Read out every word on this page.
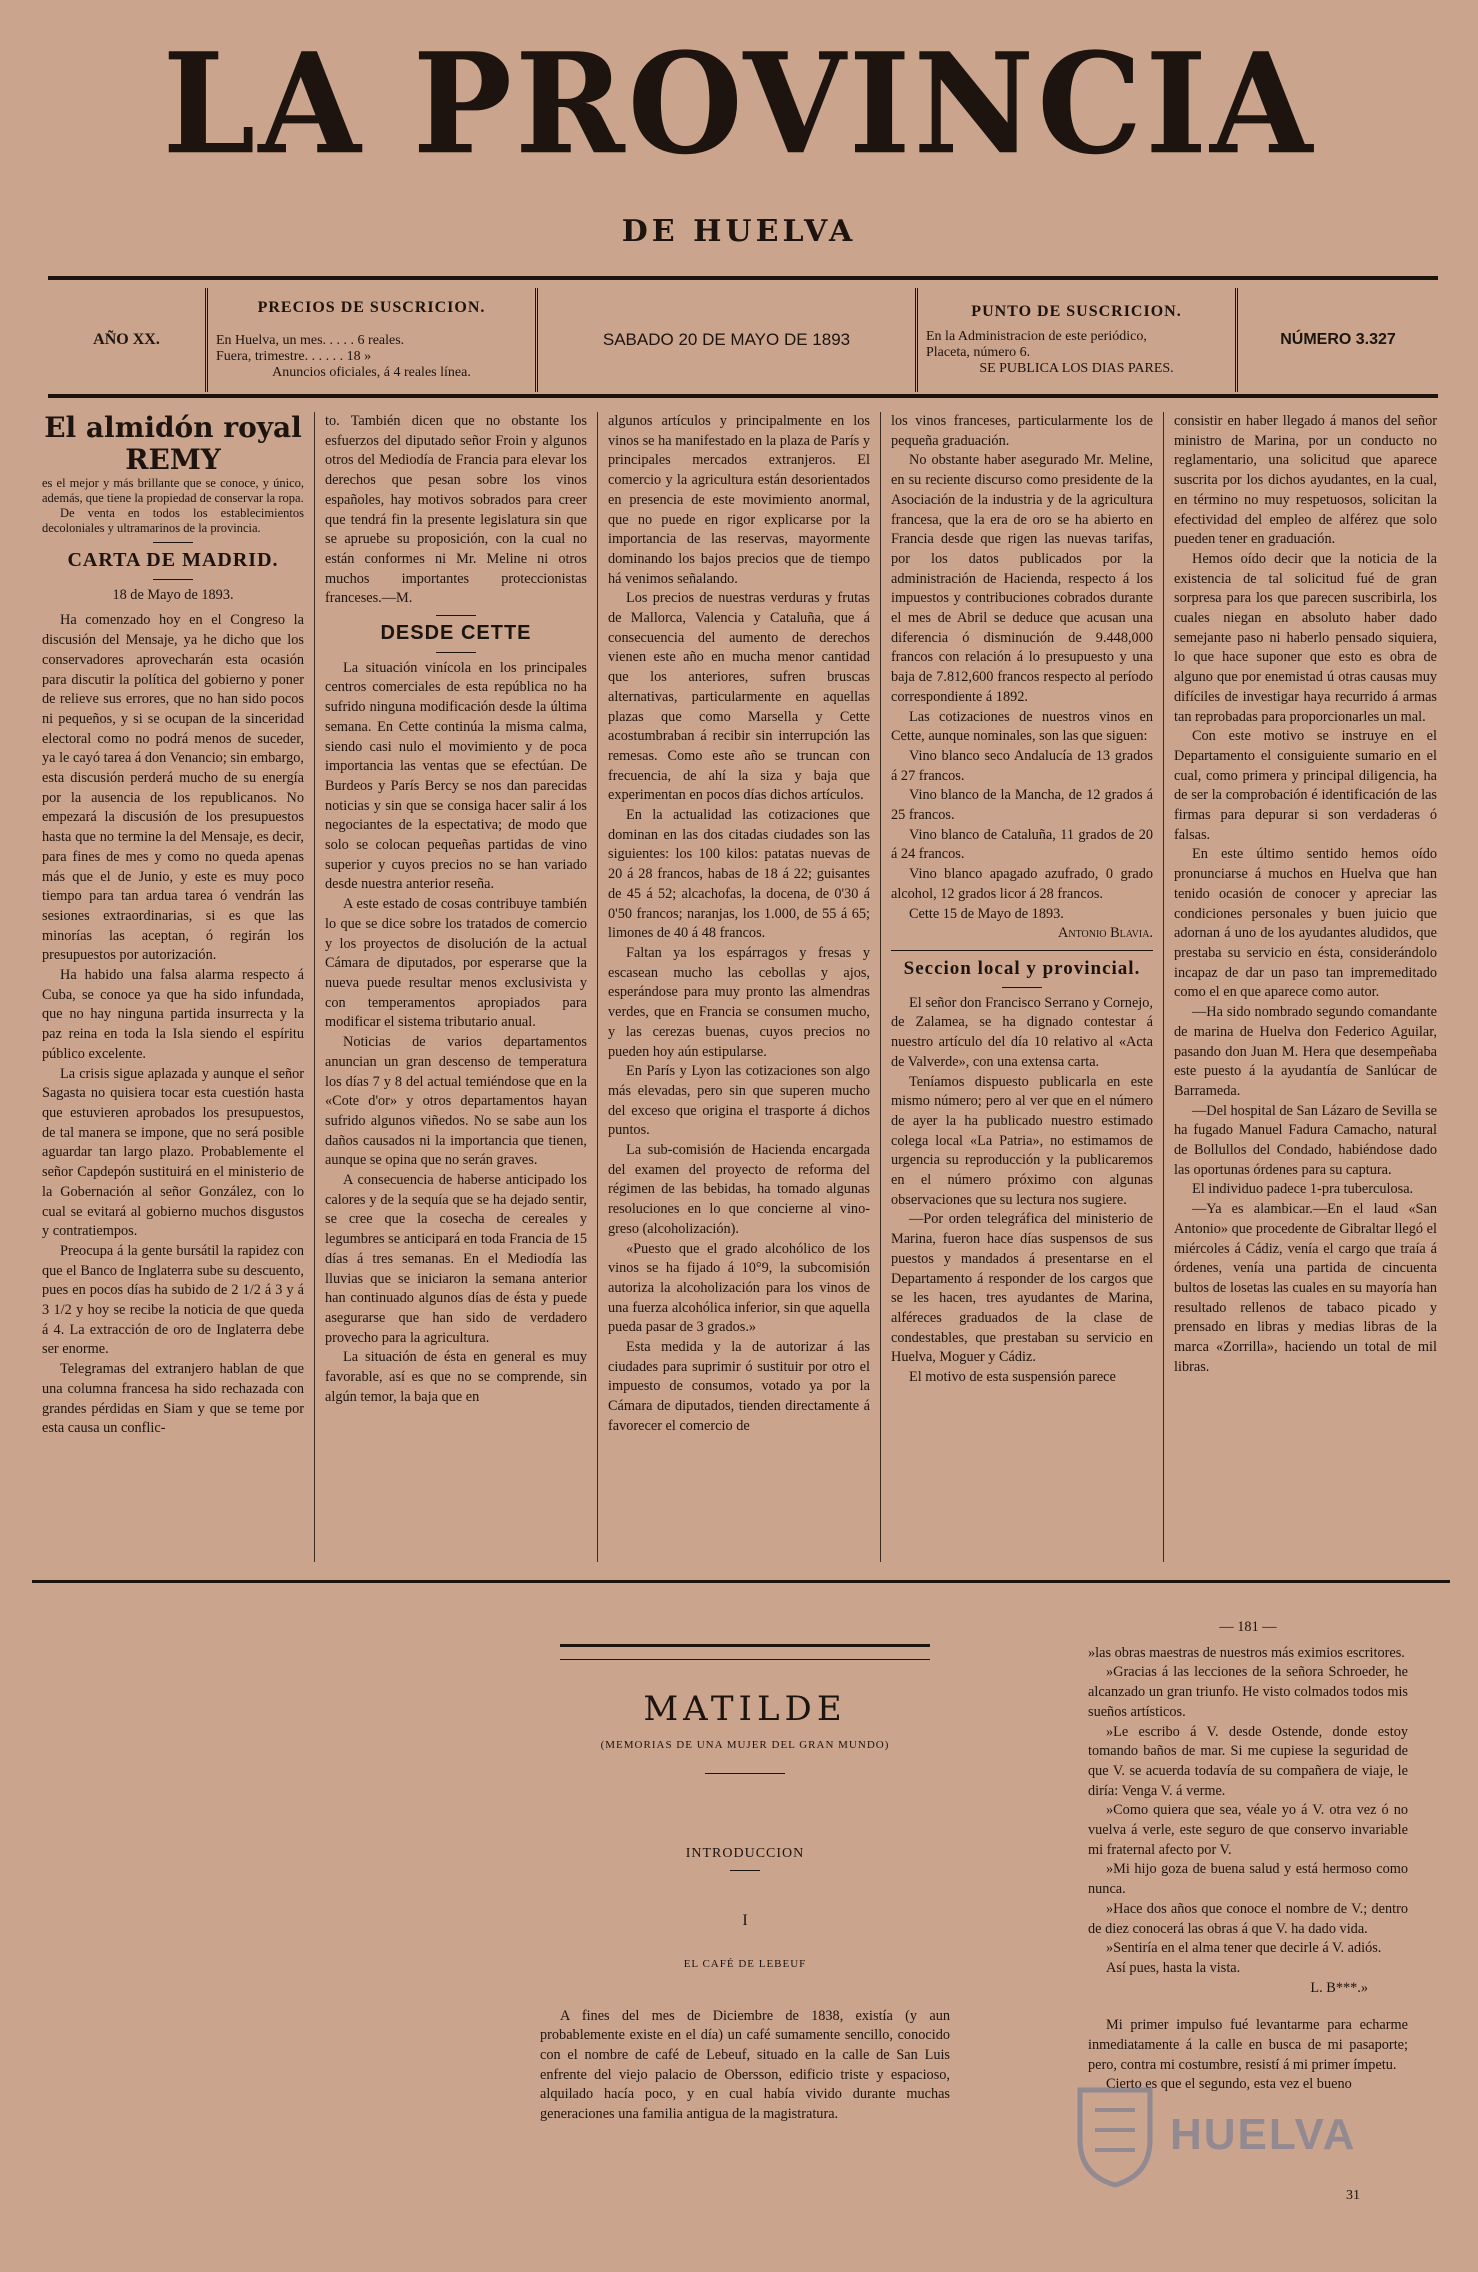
LA PROVINCIA
DE HUELVA
AÑO XX.
PRECIOS DE SUSCRICION.
En Huelva, un mes. . . . . 6 reales.
Fuera, trimestre. . . . . . 18 »
Anuncios oficiales, á 4 reales línea.
SABADO 20 DE MAYO DE 1893
PUNTO DE SUSCRICION.
En la Administracion de este periódico,
Placeta, número 6.
SE PUBLICA LOS DIAS PARES.
NÚMERO 3.327
El almidón royal REMY
es el mejor y más brillante que se conoce, y único, además, que tiene la propiedad de conservar la ropa.
De venta en todos los establecimientos decoloniales y ultramarinos de la provincia.
CARTA DE MADRID.
18 de Mayo de 1893.

Ha comenzado hoy en el Congreso la discusión del Mensaje, ya he dicho que los conservadores aprovecharán esta ocasión para discutir la política del gobierno y poner de relieve sus errores, que no han sido pocos ni pequeños, y si se ocupan de la sinceridad electoral como no podrá menos de suceder, ya le cayó tarea á don Venancio; sin embargo, esta discusión perderá mucho de su energía por la ausencia de los republicanos. No empezará la discusión de los presupuestos hasta que no termine la del Mensaje, es decir, para fines de mes y como no queda apenas más que el de Junio, y este es muy poco tiempo para tan ardua tarea ó vendrán las sesiones extraordinarias, si es que las minorías las aceptan, ó regirán los presupuestos por autorización.

Ha habido una falsa alarma respecto á Cuba, se conoce ya que ha sido infundada, que no hay ninguna partida insurrecta y la paz reina en toda la Isla siendo el espíritu público excelente.

La crisis sigue aplazada y aunque el señor Sagasta no quisiera tocar esta cuestión hasta que estuvieren aprobados los presupuestos, de tal manera se impone, que no será posible aguardar tan largo plazo. Probablemente el señor Capdepón sustituirá en el ministerio de la Gobernación al señor González, con lo cual se evitará al gobierno muchos disgustos y contratiempos.

Preocupa á la gente bursátil la rapidez con que el Banco de Inglaterra sube su descuento, pues en pocos días ha subido de 2 1/2 á 3 y á 3 1/2 y hoy se recibe la noticia de que queda á 4. La extracción de oro de Inglaterra debe ser enorme.

Telegramas del extranjero hablan de que una columna francesa ha sido rechazada con grandes pérdidas en Siam y que se teme por esta causa un conflic-

to. También dicen que no obstante los esfuerzos del diputado señor Froin y algunos otros del Mediodía de Francia para elevar los derechos que pesan sobre los vinos españoles, hay motivos sobrados para creer que tendrá fin la presente legislatura sin que se apruebe su proposición, con la cual no están conformes ni Mr. Meline ni otros muchos importantes proteccionistas franceses.—M.

DESDE CETTE

La situación vinícola en los principales centros comerciales de esta república no ha sufrido ninguna modificación desde la última semana. En Cette continúa la misma calma, siendo casi nulo el movimiento y de poca importancia las ventas que se efectúan. De Burdeos y París Bercy se nos dan parecidas noticias y sin que se consiga hacer salir á los negociantes de la espectativa; de modo que solo se colocan pequeñas partidas de vino superior y cuyos precios no se han variado desde nuestra anterior reseña.

A este estado de cosas contribuye también lo que se dice sobre los tratados de comercio y los proyectos de disolución de la actual Cámara de diputados, por esperarse que la nueva puede resultar menos exclusivista y con temperamentos apropiados para modificar el sistema tributario anual.

Noticias de varios departamentos anuncian un gran descenso de temperatura los días 7 y 8 del actual temiéndose que en la «Cote d'or» y otros departamentos hayan sufrido algunos viñedos. No se sabe aun los daños causados ni la importancia que tienen, aunque se opina que no serán graves.

A consecuencia de haberse anticipado los calores y de la sequía que se ha dejado sentir, se cree que la cosecha de cereales y legumbres se anticipará en toda Francia de 15 días á tres semanas. En el Mediodía las lluvias que se iniciaron la semana anterior han continuado algunos días de ésta y puede asegurarse que han sido de verdadero provecho para la agricultura.

La situación de ésta en general es muy favorable, así es que no se comprende, sin algún temor, la baja que en

algunos artículos y principalmente en los vinos se ha manifestado en la plaza de París y principales mercados extranjeros. El comercio y la agricultura están desorientados en presencia de este movimiento anormal, que no puede en rigor explicarse por la importancia de las reservas, mayormente dominando los bajos precios que de tiempo há venimos señalando.

Los precios de nuestras verduras y frutas de Mallorca, Valencia y Cataluña, que á consecuencia del aumento de derechos vienen este año en mucha menor cantidad que los anteriores, sufren bruscas alternativas, particularmente en aquellas plazas que como Marsella y Cette acostumbraban á recibir sin interrupción las remesas. Como este año se truncan con frecuencia, de ahí la siza y baja que experimentan en pocos días dichos artículos.

En la actualidad las cotizaciones que dominan en las dos citadas ciudades son las siguientes: los 100 kilos: patatas nuevas de 20 á 28 francos, habas de 18 á 22; guisantes de 45 á 52; alcachofas, la docena, de 0'30 á 0'50 francos; naranjas, los 1.000, de 55 á 65; limones de 40 á 48 francos.

Faltan ya los espárragos y fresas y escasean mucho las cebollas y ajos, esperándose para muy pronto las almendras verdes, que en Francia se consumen mucho, y las cerezas buenas, cuyos precios no pueden hoy aún estipularse.

En París y Lyon las cotizaciones son algo más elevadas, pero sin que superen mucho del exceso que origina el trasporte á dichos puntos.

La sub-comisión de Hacienda encargada del examen del proyecto de reforma del régimen de las bebidas, ha tomado algunas resoluciones en lo que concierne al vino-greso (alcoholización).

«Puesto que el grado alcohólico de los vinos se ha fijado á 10°9, la subcomisión autoriza la alcoholización para los vinos de una fuerza alcohólica inferior, sin que aquella pueda pasar de 3 grados.»

Esta medida y la de autorizar á las ciudades para suprimir ó sustituir por otro el impuesto de consumos, votado ya por la Cámara de diputados, tienden directamente á favorecer el comercio de

los vinos franceses, particularmente los de pequeña graduación.

No obstante haber asegurado Mr. Meline, en su reciente discurso como presidente de la Asociación de la industria y de la agricultura francesa, que la era de oro se ha abierto en Francia desde que rigen las nuevas tarifas, por los datos publicados por la administración de Hacienda, respecto á los impuestos y contribuciones cobrados durante el mes de Abril se deduce que acusan una diferencia ó disminución de 9.448,000 francos con relación á lo presupuesto y una baja de 7.812,600 francos respecto al período correspondiente á 1892.

Las cotizaciones de nuestros vinos en Cette, aunque nominales, son las que siguen:

Vino blanco seco Andalucía de 13 grados á 27 francos.

Vino blanco de la Mancha, de 12 grados á 25 francos.

Vino blanco de Cataluña, 11 grados de 20 á 24 francos.

Vino blanco apagado azufrado, 0 grado alcohol, 12 grados licor á 28 francos.

Cette 15 de Mayo de 1893.

Antonio Blavia.
Seccion local y provincial.

El señor don Francisco Serrano y Cornejo, de Zalamea, se ha dignado contestar á nuestro artículo del día 10 relativo al «Acta de Valverde», con una extensa carta.

Teníamos dispuesto publicarla en este mismo número; pero al ver que en el número de ayer la ha publicado nuestro estimado colega local «La Patria», no estimamos de urgencia su reproducción y la publicaremos en el número próximo con algunas observaciones que su lectura nos sugiere.

—Por orden telegráfica del ministerio de Marina, fueron hace días suspensos de sus puestos y mandados á presentarse en el Departamento á responder de los cargos que se les hacen, tres ayudantes de Marina, alféreces graduados de la clase de condestables, que prestaban su servicio en Huelva, Moguer y Cádiz.

El motivo de esta suspensión parece

consistir en haber llegado á manos del señor ministro de Marina, por un conducto no reglamentario, una solicitud que aparece suscrita por los dichos ayudantes, en la cual, en término no muy respetuosos, solicitan la efectividad del empleo de alférez que solo pueden tener en graduación.

Hemos oído decir que la noticia de la existencia de tal solicitud fué de gran sorpresa para los que parecen suscribirla, los cuales niegan en absoluto haber dado semejante paso ni haberlo pensado siquiera, lo que hace suponer que esto es obra de alguno que por enemistad ú otras causas muy difíciles de investigar haya recurrido á armas tan reprobadas para proporcionarles un mal.

Con este motivo se instruye en el Departamento el consiguiente sumario en el cual, como primera y principal diligencia, ha de ser la comprobación é identificación de las firmas para depurar si son verdaderas ó falsas.

En este último sentido hemos oído pronunciarse á muchos en Huelva que han tenido ocasión de conocer y apreciar las condiciones personales y buen juicio que adornan á uno de los ayudantes aludidos, que prestaba su servicio en ésta, considerándolo incapaz de dar un paso tan impremeditado como el en que aparece como autor.

—Ha sido nombrado segundo comandante de marina de Huelva don Federico Aguilar, pasando don Juan M. Hera que desempeñaba este puesto á la ayudantía de Sanlúcar de Barrameda.

—Del hospital de San Lázaro de Sevilla se ha fugado Manuel Fadura Camacho, natural de Bollullos del Condado, habiéndose dado las oportunas órdenes para su captura.

El individuo padece 1-pra tuberculosa.

—Ya es alambicar.—En el laud «San Antonio» que procedente de Gibraltar llegó el miércoles á Cádiz, venía el cargo que traía á órdenes, venía una partida de cincuenta bultos de losetas las cuales en su mayoría han resultado rellenos de tabaco picado y prensado en libras y medias libras de la marca «Zorrilla», haciendo un total de mil libras.

MATILDE
(MEMORIAS DE UNA MUJER DEL GRAN MUNDO)
INTRODUCCION
I
EL CAFÉ DE LEBEUF

A fines del mes de Diciembre de 1838, existía (y aun probablemente existe en el día) un café sumamente sencillo, conocido con el nombre de café de Lebeuf, situado en la calle de San Luis enfrente del viejo palacio de Obersson, edificio triste y espacioso, alquilado hacía poco, y en cual había vivido durante muchas generaciones una familia antigua de la magistratura.

— 181 —

»las obras maestras de nuestros más eximios escritores.

»Gracias á las lecciones de la señora Schroeder, he alcanzado un gran triunfo. He visto colmados todos mis sueños artísticos.

»Le escribo á V. desde Ostende, donde estoy tomando baños de mar. Si me cupiese la seguridad de que V. se acuerda todavía de su compañera de viaje, le diría: Venga V. á verme.

»Como quiera que sea, véale yo á V. otra vez ó no vuelva á verle, este seguro de que conservo invariable mi fraternal afecto por V.

»Mi hijo goza de buena salud y está hermoso como nunca.

»Hace dos años que conoce el nombre de V.; dentro de diez conocerá las obras á que V. ha dado vida.

»Sentiría en el alma tener que decirle á V. adiós.

Así pues, hasta la vista.

L. B***.»

Mi primer impulso fué levantarme para echarme inmediatamente á la calle en busca de mi pasaporte; pero, contra mi costumbre, resistí á mi primer ímpetu.

Cierto es que el segundo, esta vez el bueno

HUELVA
31
